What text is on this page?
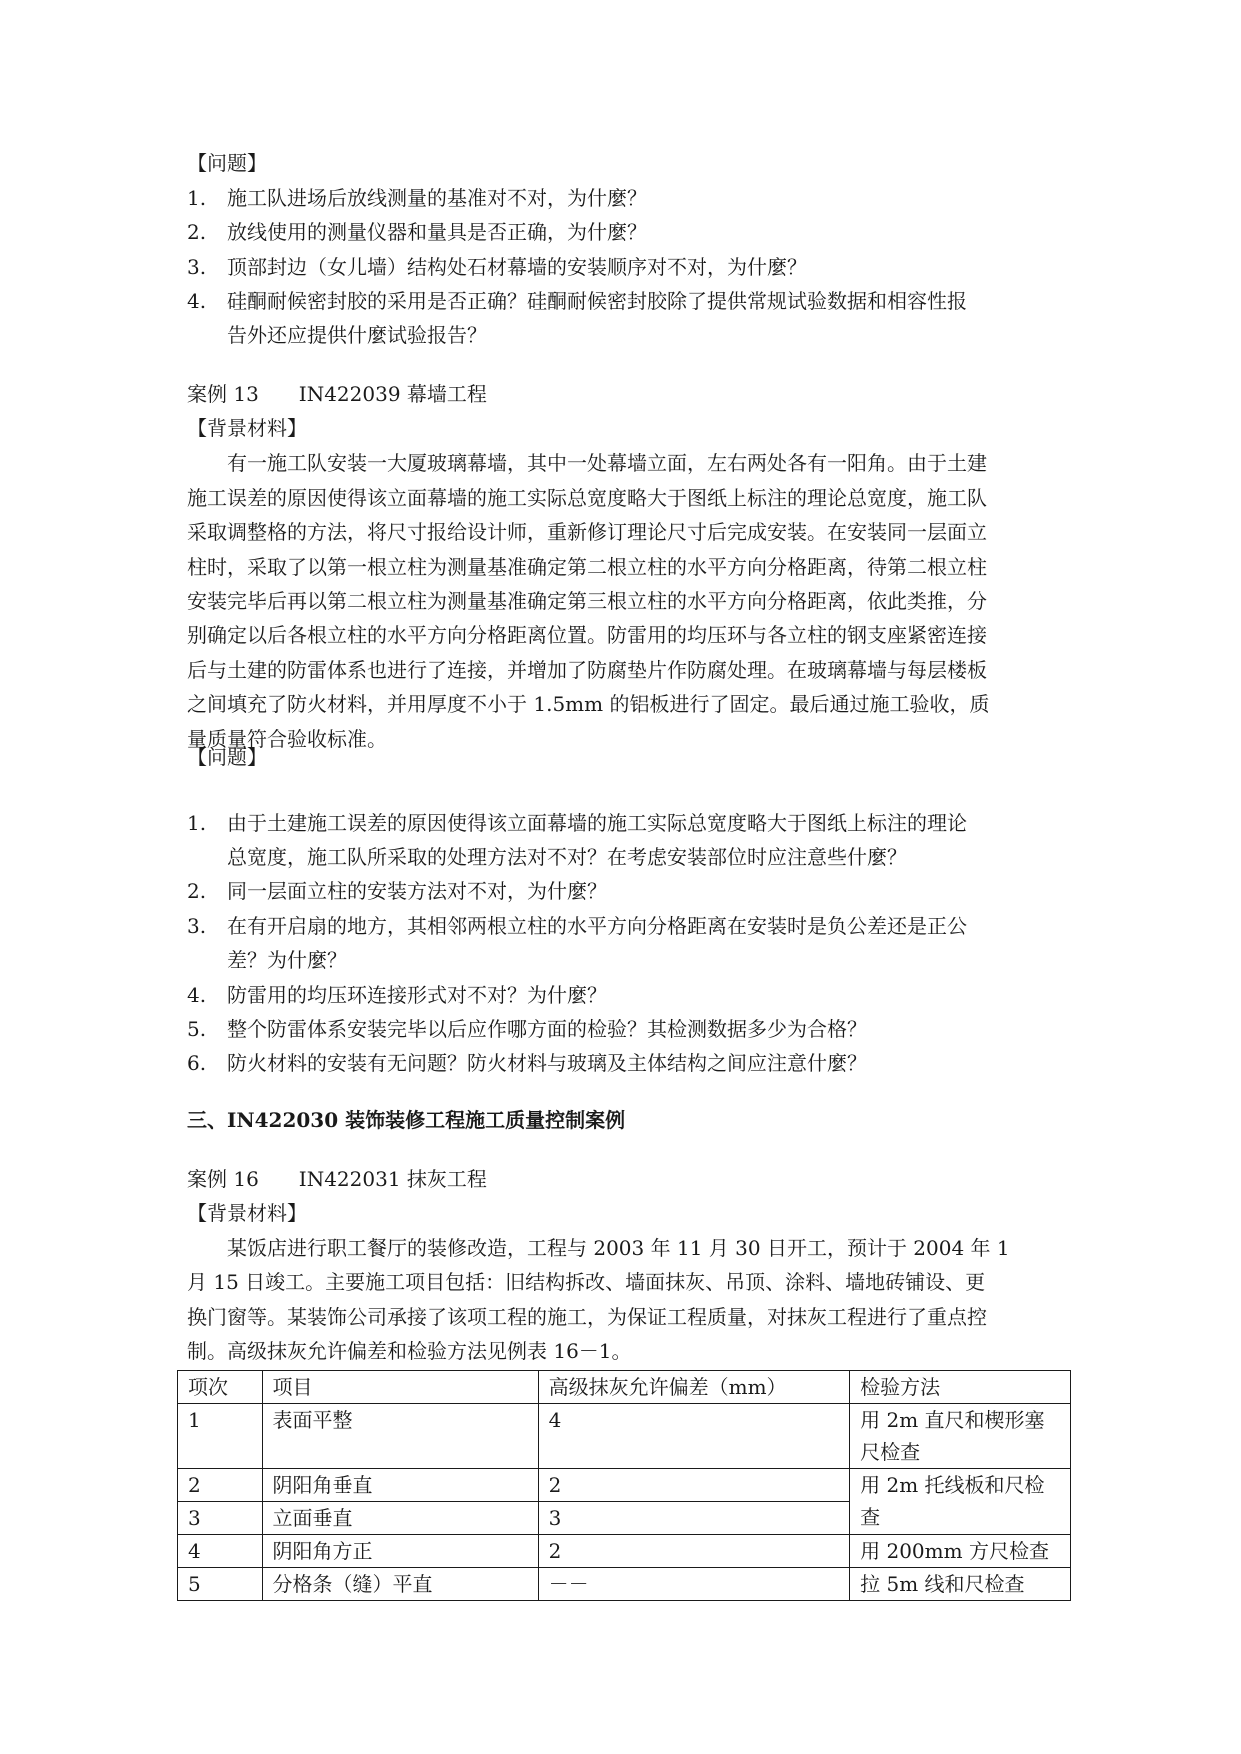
【问题】
1. 施工队进场后放线测量的基准对不对，为什麼？
2. 放线使用的测量仪器和量具是否正确，为什麼？
3. 顶部封边（女儿墙）结构处石材幕墙的安装顺序对不对，为什麼？
4. 硅酮耐候密封胶的采用是否正确？硅酮耐候密封胶除了提供常规试验数据和相容性报
告外还应提供什麼试验报告？
案例 13　　IN422039 幕墙工程
【背景材料】
　　有一施工队安装一大厦玻璃幕墙，其中一处幕墙立面，左右两处各有一阳角。由于土建
施工误差的原因使得该立面幕墙的施工实际总宽度略大于图纸上标注的理论总宽度，施工队
采取调整格的方法，将尺寸报给设计师，重新修订理论尺寸后完成安装。在安装同一层面立
柱时，采取了以第一根立柱为测量基准确定第二根立柱的水平方向分格距离，待第二根立柱
安装完毕后再以第二根立柱为测量基准确定第三根立柱的水平方向分格距离，依此类推，分
别确定以后各根立柱的水平方向分格距离位置。防雷用的均压环与各立柱的钢支座紧密连接
后与土建的防雷体系也进行了连接，并增加了防腐垫片作防腐处理。在玻璃幕墙与每层楼板
之间填充了防火材料，并用厚度不小于 1.5mm 的铝板进行了固定。最后通过施工验收，质
量质量符合验收标准。
【问题】
1. 由于土建施工误差的原因使得该立面幕墙的施工实际总宽度略大于图纸上标注的理论
总宽度，施工队所采取的处理方法对不对？在考虑安装部位时应注意些什麼？
2. 同一层面立柱的安装方法对不对，为什麼？
3. 在有开启扇的地方，其相邻两根立柱的水平方向分格距离在安装时是负公差还是正公
差？为什麼？
4. 防雷用的均压环连接形式对不对？为什麼？
5. 整个防雷体系安装完毕以后应作哪方面的检验？其检测数据多少为合格？
6. 防火材料的安装有无问题？防火材料与玻璃及主体结构之间应注意什麼？
三、IN422030 装饰装修工程施工质量控制案例
案例 16　　IN422031 抹灰工程
【背景材料】
　　某饭店进行职工餐厅的装修改造，工程与 2003 年 11 月 30 日开工，预计于 2004 年 1
月 15 日竣工。主要施工项目包括：旧结构拆改、墙面抹灰、吊顶、涂料、墙地砖铺设、更
换门窗等。某装饰公司承接了该项工程的施工，为保证工程质量，对抹灰工程进行了重点控
制。高级抹灰允许偏差和检验方法见例表 16－1。
项次	项目	高级抹灰允许偏差（mm）	检验方法
1	表面平整	4	用 2m 直尺和楔形塞尺检查
2	阴阳角垂直	2	用 2m 托线板和尺检查
3	立面垂直	3	
4	阴阳角方正	2	用 200mm 方尺检查
5	分格条（缝）平直	－－	拉 5m 线和尺检查
